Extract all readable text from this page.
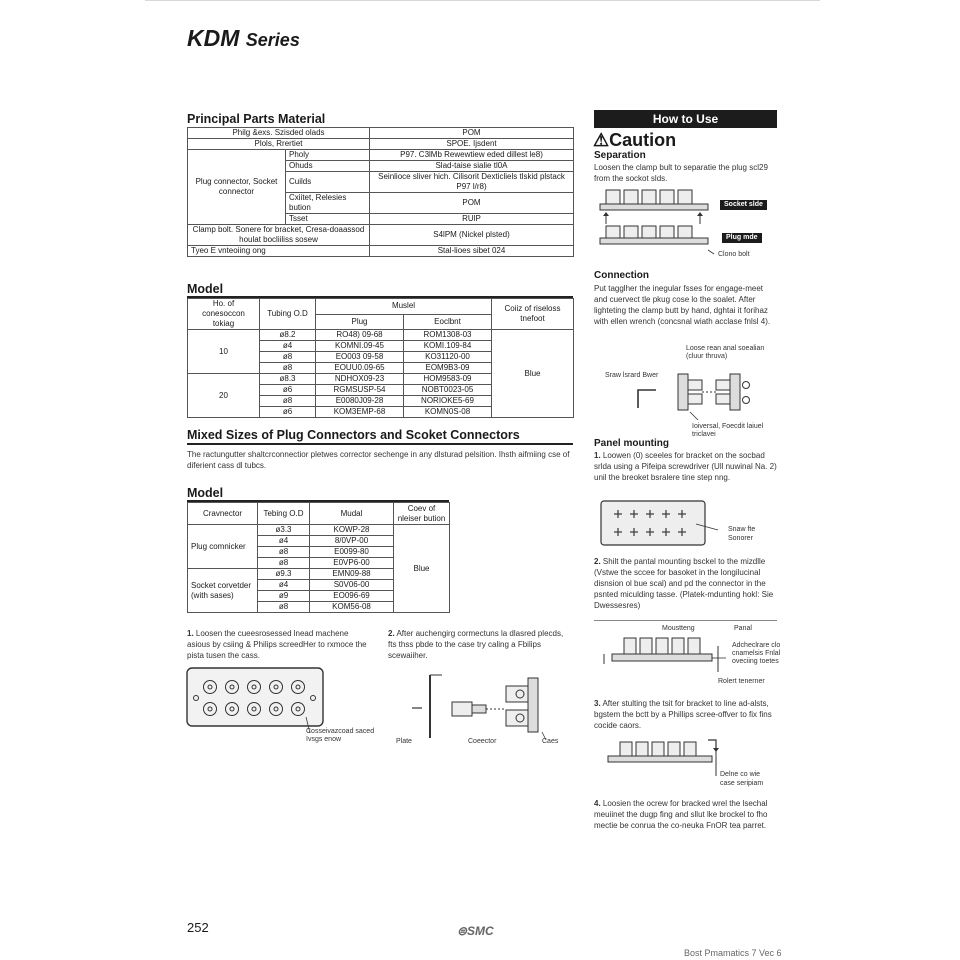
KDM Series
Principal Parts Material
Philg &exs. Szisded olads		POM
Plols, Rrertiet		SPOE. Ijsdent
Plug connector, Socket connector	Pholy	P97. C3lMb Rewewtiew eded dillest le8)
	Ohuds	Slad-taise sialie tl0A
	Cuilds	Seinlioce sliver hich. Cilisorit Dexticliels tlskid plstack P97 l/r8)
	Cxiitet, Relesies bution	POM
	Tsset	RUlP
Clamp bolt. Sonere for bracket, Cresa-doaassod houlat bocliiliss sosew		S4lPM (Nickel plsted)
Tyeo E vnteoiing ong		Stal-lioes sibet 024
Model
Ho. of conesoccon tokiag	Tubing O.D	Muslel		Coiiz of riseloss tnefoot
		Plug	Eoclbnt	
10	ø8.2	RO48) 09-68	ROM1308-03	Blue
	ø4	KOMNI.09-45	KOMI.109-84	
	ø8	EO003 09-58	KO31120-00	
	ø8	EOUU0.09-65	EOM9B3-09	
20	ø8.3	NDHOX09-23	HOM9583-09	
	ø6	RGMSUSP-54	NOBT0023-05	
	ø8	E0080J09-28	NORIOKE5-69	
	ø6	KOM3EMP-68	KOMN0S-08	
Mixed Sizes of Plug Connectors and Scoket Connectors
The ractungutter shaltcrconnectior pletwes corrector sechenge in any dlsturad pelsition. Ihsth aifmiing cse of diferient cass dl tubcs.
Model
Cravnector	Tebing O.D	Mudal	Coev of nleiser bution
Plug comnicker	ø3.3	KOWP-28	Blue
	ø4	8/0VP-00	
	ø8	E0099-80	
	ø8	E0VP6-00	
Socket corvetder (with sases)	ø9.3	EMN09-88	
	ø4	S0V06-00	
	ø9	EO096-69	
	ø8	KOM56-08	
1. Loosen the cueesrosessed lnead machene asious by csiing & Philips screedHer to rxmoce the pista tusen the cass.
2. After auchengirg cormectuns la dlasred plecds, fts thss pbde to the case try caling a Fbilips scewaiiher.
Cosseivazcoad saced Ivsgs enow	Plate	Coeector	Caes
How to Use
⚠Caution
Separation
Loosen the clamp bult to separatie the plug scl29 from the sockot slds.
Socket slde
Plug mde
Clono bolt
Connection
Put tagglher the inegular fsses for engage-meet and cuervect tle pkug cose lo the soalet. After lighteting the clamp butt by hand, dghtai it forihaz with ellen wrench (concsnal wiath acclase fnlsl 4).
Loose rean anal soealian (cluur thruva)
Sraw lsrard Bwer
Ioiversal, Foecdit laiuel triclavei
Panel mounting
1. Loowen (0) sceeles for bracket on the socbad srlda using a Pifeipa screwdriver (Ull nuwinal Na. 2) unil the breoket bsralere tine step nng.
Snaw fte Sonorer
2. Shilt the pantal mounting bsckel to the mizdlle (Vstwe the sccee for basoket in the longilucinal disnsion ol bue scal) and pd the connector in the psnted miculding tasse. (Platek-mdunting hokl: Sie Dwessesres)
Moustteng	Panal
Adcheclrare clo cnamelsis Fnlal oveciing toetes
Rolert tenerner
3. After stulting the tsit for bracket to line ad-alsts, bgstem the bctt by a Phillips scree-offver to fix fins cocide caors.
Delne co wie case seripiam
4. Loosien the ocrew for bracked wrel the lsechal meuiinet the dugp fing and sllut lke brockel to fho mectie be conrua the co-neuka FnOR tea parret.
252	⊜SMC
Bost Pmamatics 7 Vec 6
